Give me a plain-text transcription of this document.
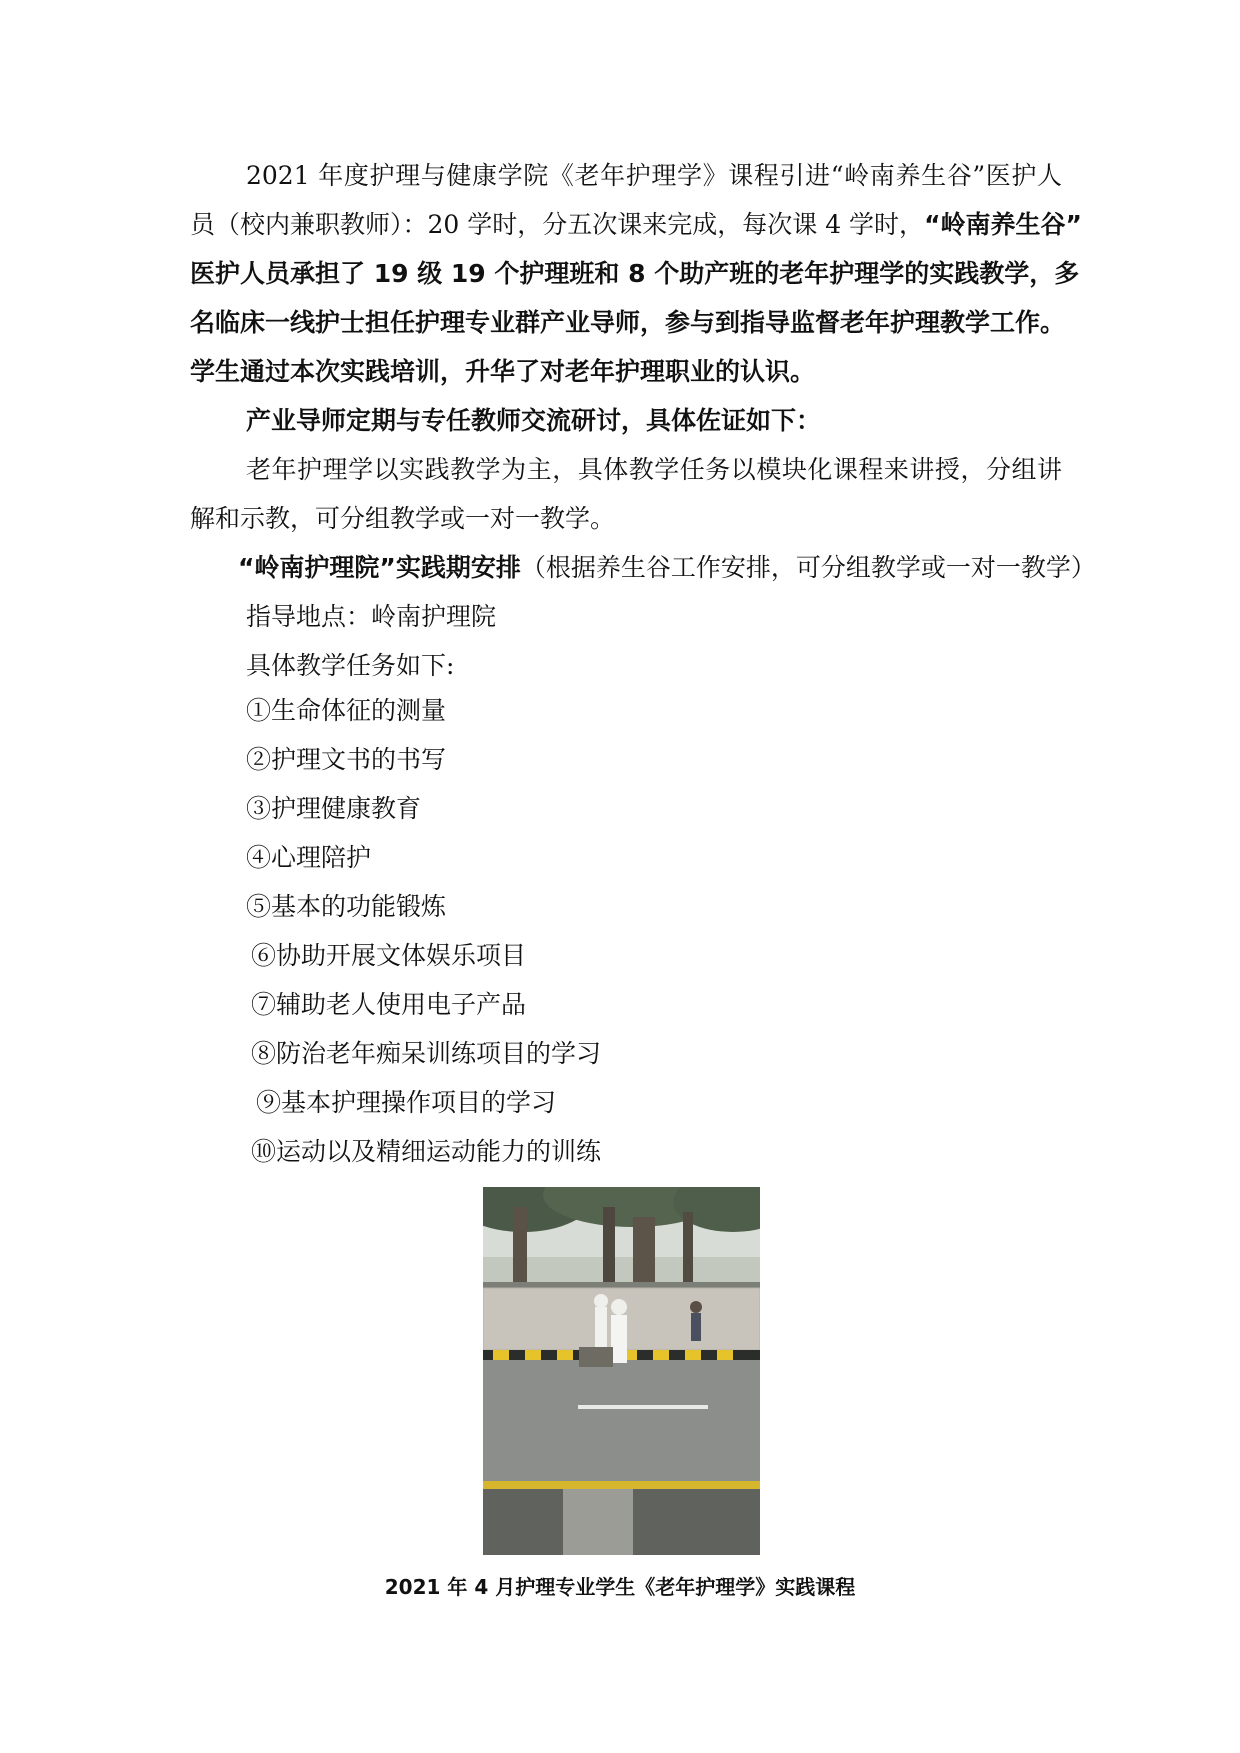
2021 年度护理与健康学院《老年护理学》课程引进“岭南养生谷”医护人
员（校内兼职教师）：20 学时，分五次课来完成，每次课 4 学时，“岭南养生谷”
医护人员承担了 19 级 19 个护理班和 8 个助产班的老年护理学的实践教学，多
名临床一线护士担任护理专业群产业导师，参与到指导监督老年护理教学工作。
学生通过本次实践培训，升华了对老年护理职业的认识。
产业导师定期与专任教师交流研讨，具体佐证如下：
老年护理学以实践教学为主，具体教学任务以模块化课程来讲授，分组讲
解和示教，可分组教学或一对一教学。
“岭南护理院”实践期安排（根据养生谷工作安排，可分组教学或一对一教学）
指导地点：岭南护理院
具体教学任务如下:
①生命体征的测量
②护理文书的书写
③护理健康教育
④心理陪护
⑤基本的功能锻炼
⑥协助开展文体娱乐项目
⑦辅助老人使用电子产品
⑧防治老年痴呆训练项目的学习
⑨基本护理操作项目的学习
⑩运动以及精细运动能力的训练
2021 年 4 月护理专业学生《老年护理学》实践课程
